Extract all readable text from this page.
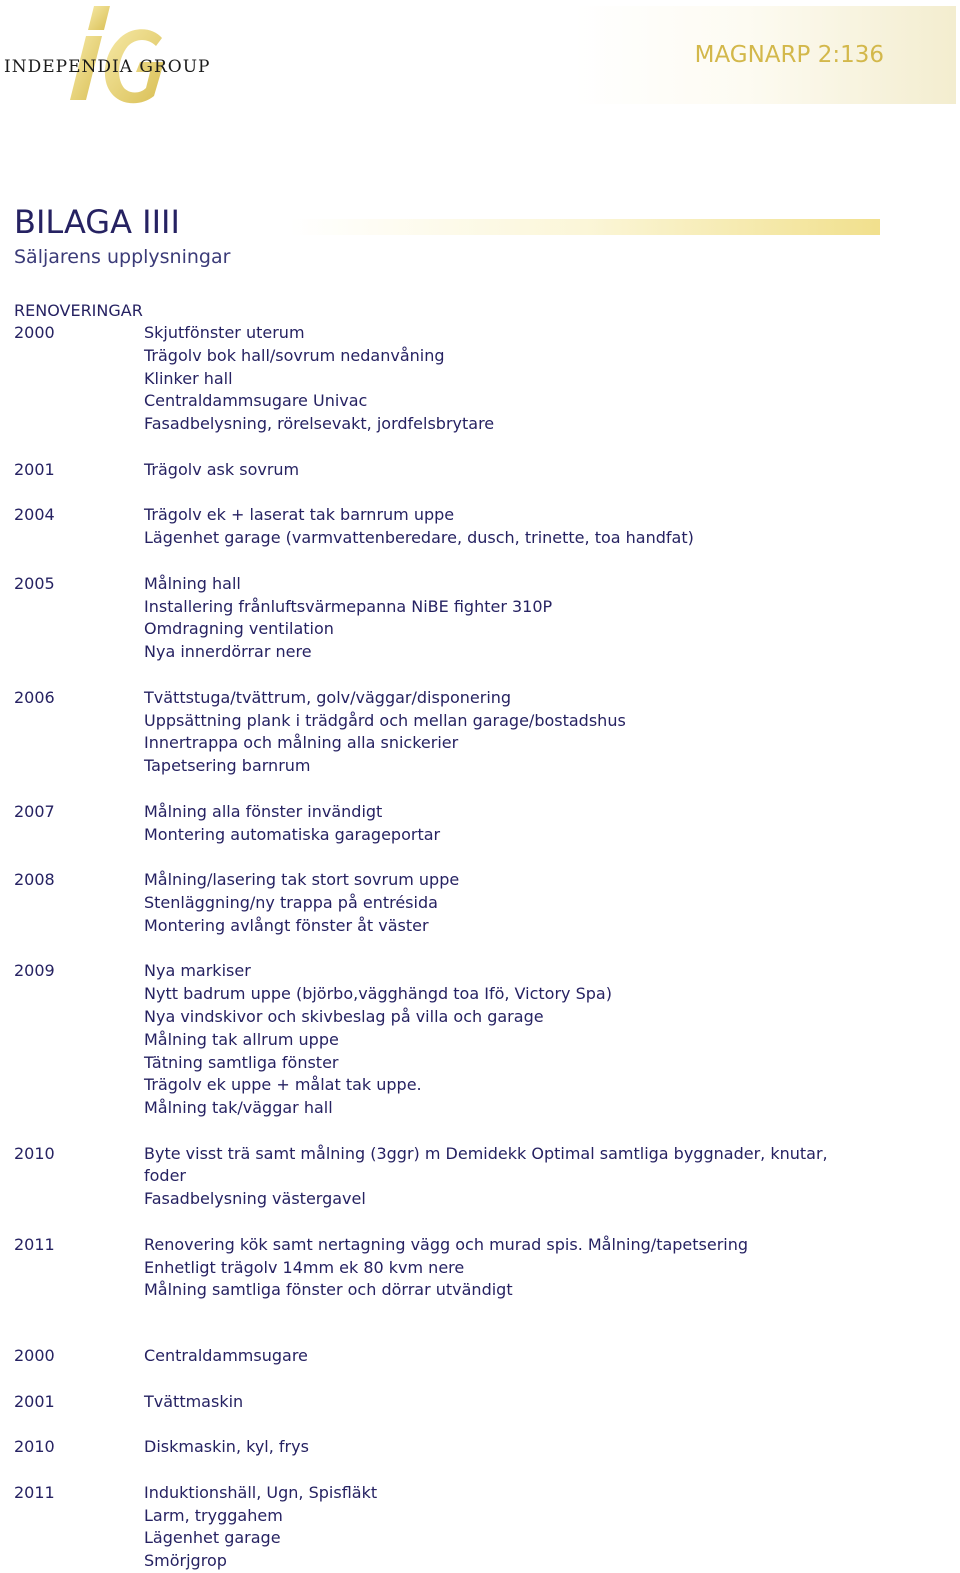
INDEPENDIA GROUP	MAGNARP 2:136
BILAGA IIII
Säljarens upplysningar
RENOVERINGAR
2000	Skjutfönster uterum
Trägolv bok hall/sovrum nedanvåning
Klinker hall
Centraldammsugare Univac
Fasadbelysning, rörelsevakt, jordfelsbrytare
2001	Trägolv ask sovrum
2004	Trägolv ek + laserat tak barnrum uppe
Lägenhet garage (varmvattenberedare, dusch, trinette, toa handfat)
2005	Målning hall
Installering frånluftsvärmepanna NiBE fighter 310P
Omdragning ventilation
Nya innerdörrar nere
2006	Tvättstuga/tvättrum, golv/väggar/disponering
Uppsättning plank i trädgård och mellan garage/bostadshus
Innertrappa och målning alla snickerier
Tapetsering barnrum
2007	Målning alla fönster invändigt
Montering automatiska garageportar
2008	Målning/lasering tak stort sovrum uppe
Stenläggning/ny trappa på entrésida
Montering avlångt fönster åt väster
2009	Nya markiser
Nytt badrum uppe (björbo,vägghängd toa Ifö, Victory Spa)
Nya vindskivor och skivbeslag på villa och garage
Målning tak allrum uppe
Tätning samtliga fönster
Trägolv ek uppe + målat tak uppe.
Målning tak/väggar hall
2010	Byte visst trä samt målning (3ggr) m Demidekk Optimal samtliga byggnader, knutar,
foder
Fasadbelysning västergavel
2011	Renovering kök samt nertagning vägg och murad spis. Målning/tapetsering
Enhetligt trägolv 14mm ek 80 kvm nere
Målning samtliga fönster och dörrar utvändigt
2000	Centraldammsugare
2001	Tvättmaskin
2010	Diskmaskin, kyl, frys
2011	Induktionshäll, Ugn, Spisfläkt
Larm, tryggahem
Lägenhet garage
Smörjgrop
